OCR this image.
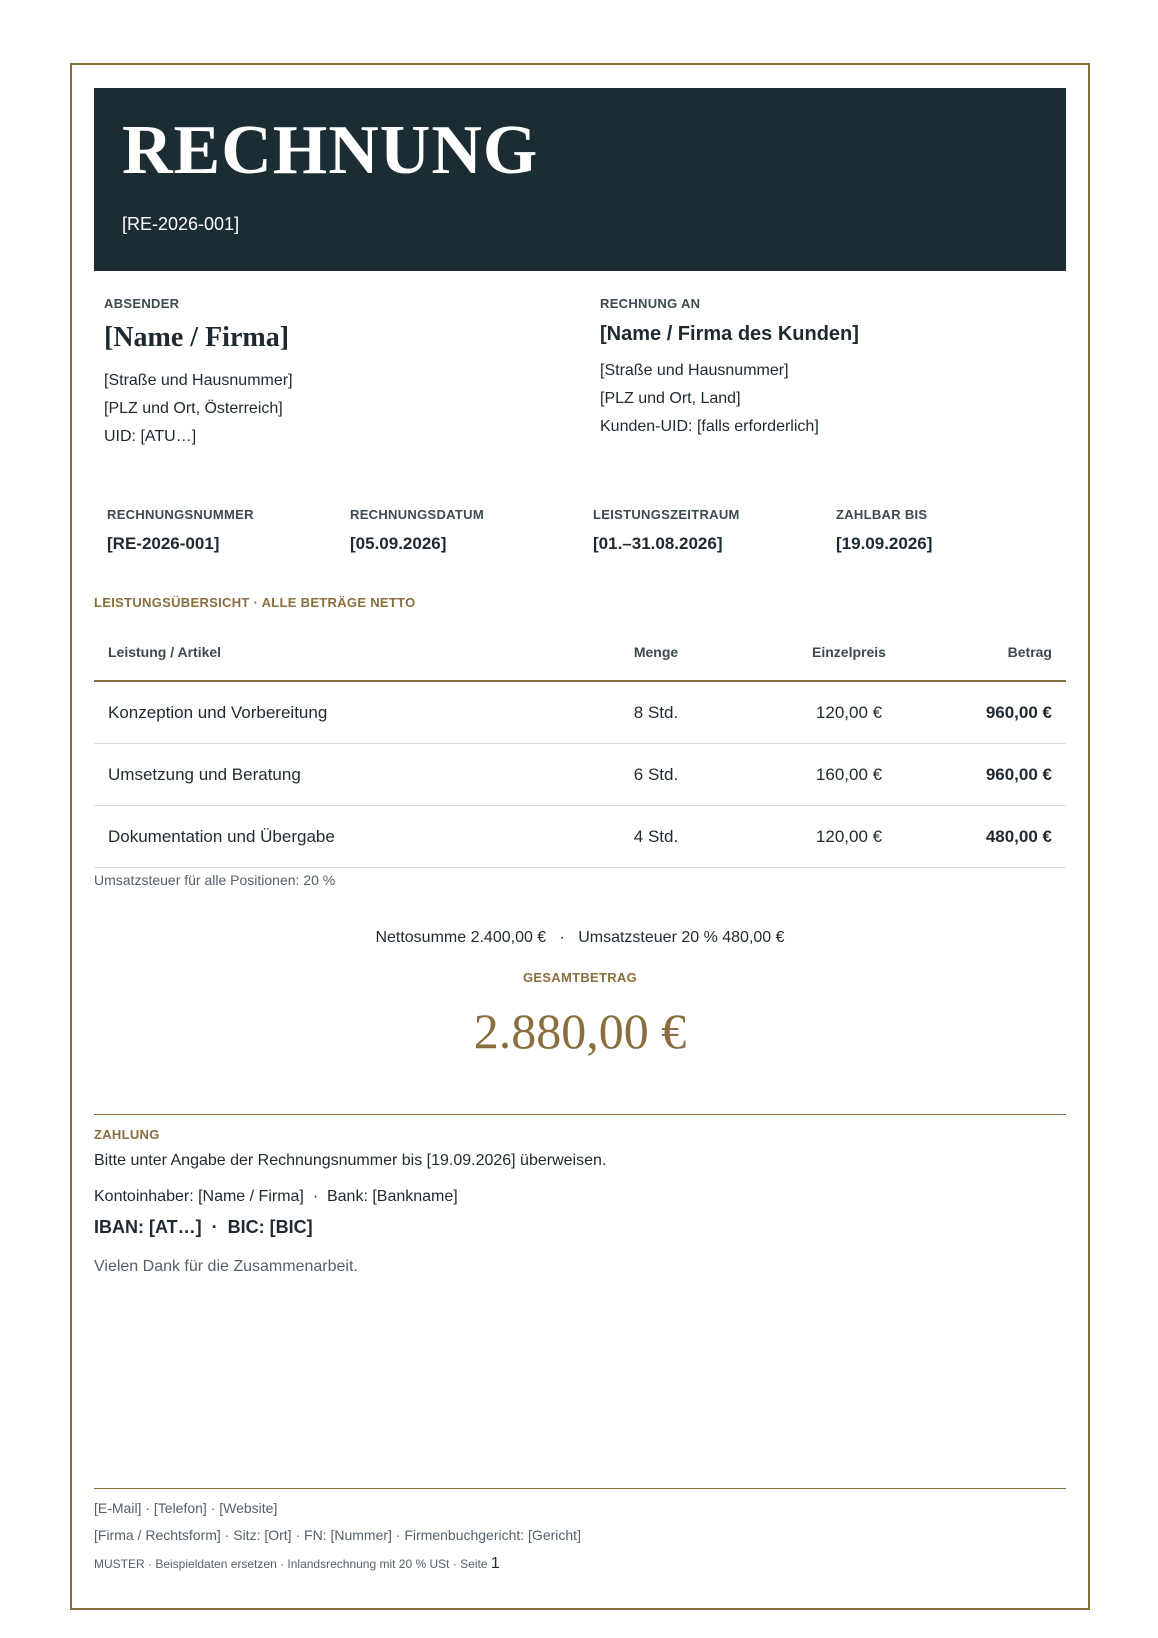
RECHNUNG
[RE-2026-001]
ABSENDER
[Name / Firma]
[Straße und Hausnummer]
[PLZ und Ort, Österreich]
UID: [ATU…]
RECHNUNG AN
[Name / Firma des Kunden]
[Straße und Hausnummer]
[PLZ und Ort, Land]
Kunden-UID: [falls erforderlich]
RECHNUNGSNUMMER
[RE-2026-001]
RECHNUNGSDATUM
[05.09.2026]
LEISTUNGSZEITRAUM
[01.–31.08.2026]
ZAHLBAR BIS
[19.09.2026]
LEISTUNGSÜBERSICHT · ALLE BETRÄGE NETTO
Leistung / Artikel	Menge	Einzelpreis	Betrag
Konzeption und Vorbereitung	8 Std.	120,00 €	960,00 €
Umsetzung und Beratung	6 Std.	160,00 €	960,00 €
Dokumentation und Übergabe	4 Std.	120,00 €	480,00 €
Umsatzsteuer für alle Positionen: 20 %
Nettosumme 2.400,00 €   ·   Umsatzsteuer 20 % 480,00 €
GESAMTBETRAG
2.880,00 €
ZAHLUNG
Bitte unter Angabe der Rechnungsnummer bis [19.09.2026] überweisen.
Kontoinhaber: [Name / Firma]  ·  Bank: [Bankname]
IBAN: [AT…]  ·  BIC: [BIC]
Vielen Dank für die Zusammenarbeit.
[E-Mail] · [Telefon] · [Website]
[Firma / Rechtsform] · Sitz: [Ort] · FN: [Nummer] · Firmenbuchgericht: [Gericht]
MUSTER · Beispieldaten ersetzen · Inlandsrechnung mit 20 % USt · Seite 1
